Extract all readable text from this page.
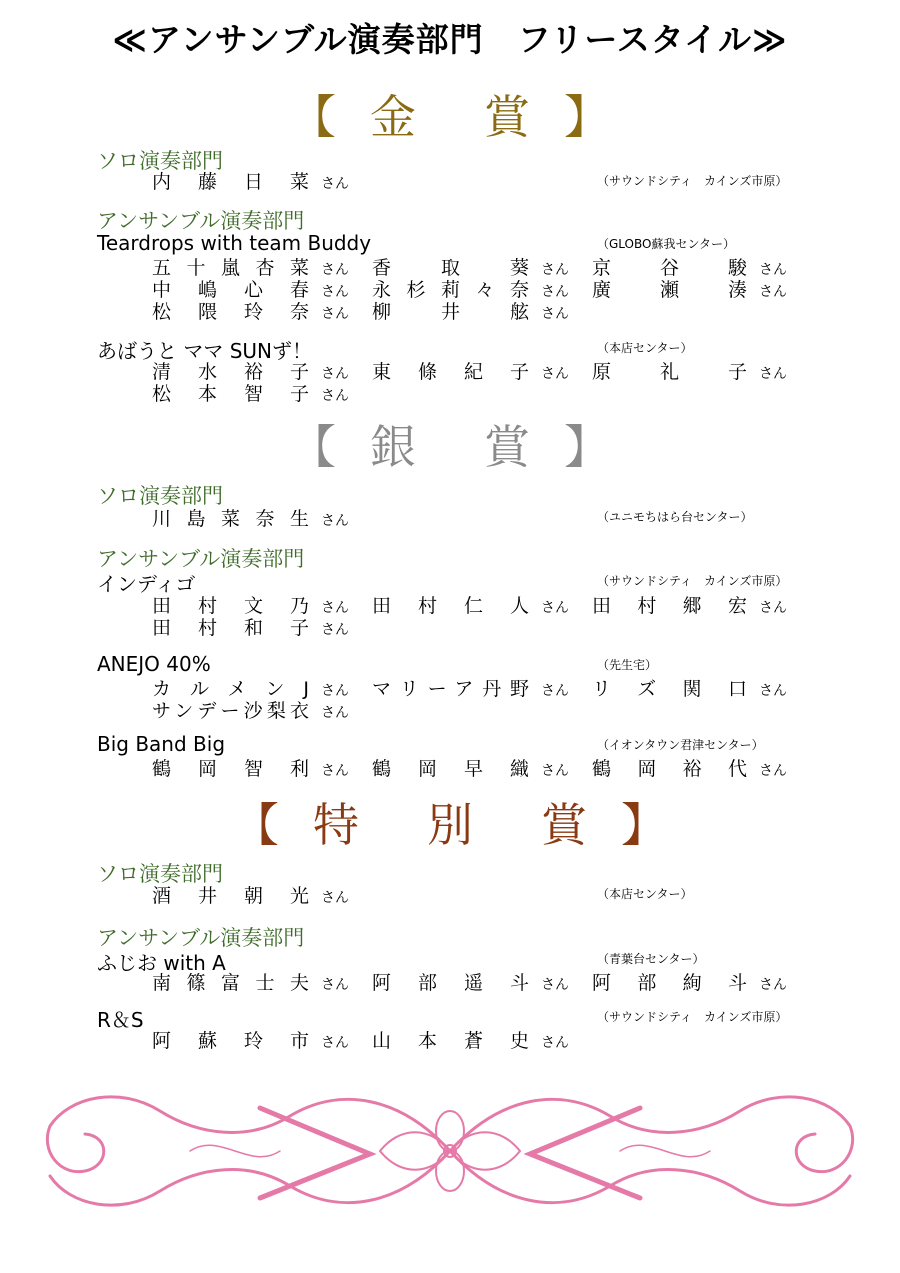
≪アンサンブル演奏部門　フリースタイル≫
【 金 賞 】
ソロ演奏部門
内藤日菜 さん	（サウンドシティ　カインズ市原）
アンサンブル演奏部門
Teardrops with team Buddy	（GLOBO蘇我センター）
五十嵐杏菜 さん 香取葵 さん 京谷駿 さん
中嶋心春 さん 永杉莉々奈 さん 廣瀬湊 さん
松隈玲奈 さん 柳井舷 さん
あばうと ママ SUNず！	（本店センター）
清水裕子 さん 東條紀子 さん 原礼子 さん
松本智子 さん
【 銀 賞 】
ソロ演奏部門
川島菜奈生 さん	（ユニモちはら台センター）
アンサンブル演奏部門
インディゴ	（サウンドシティ　カインズ市原）
田村文乃 さん 田村仁人 さん 田村郷宏 さん
田村和子 さん
ANEJO 40%	（先生宅）
カルメンJ さん マリーア丹野 さん リズ関口 さん
サンデー沙梨衣 さん
Big Band Big	（イオンタウン君津センター）
鶴岡智利 さん 鶴岡早織 さん 鶴岡裕代 さん
【 特 別 賞 】
ソロ演奏部門
酒井朝光 さん	（本店センター）
アンサンブル演奏部門
ふじお with A	（青葉台センター）
南篠富士夫 さん 阿部遥斗 さん 阿部絢斗 さん
R＆S	（サウンドシティ　カインズ市原）
阿蘇玲市 さん 山本蒼史 さん
